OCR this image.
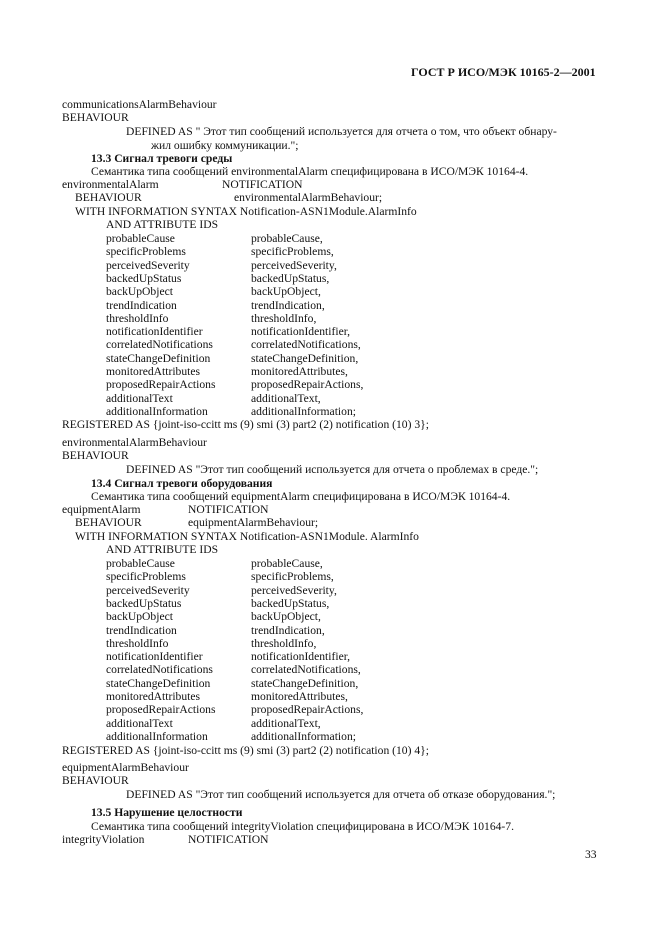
ГОСТ Р ИСО/МЭК 10165-2—2001
communicationsAlarmBehaviour
BEHAVIOUR
DEFINED AS " Этот тип сообщений используется для отчета о том, что объект обнару-
жил ошибку коммуникации.";
13.3 Сигнал тревоги среды
Семантика типа сообщений environmentalAlarm специфицирована в ИСО/МЭК 10164-4.
environmentalAlarm	NOTIFICATION
BEHAVIOUR	environmentalAlarmBehaviour;
WITH INFORMATION SYNTAX Notification-ASN1Module.AlarmInfo
AND ATTRIBUTE IDS
probableCause	probableCause,
specificProblems	specificProblems,
perceivedSeverity	perceivedSeverity,
backedUpStatus	backedUpStatus,
backUpObject	backUpObject,
trendIndication	trendIndication,
thresholdInfo	thresholdInfo,
notificationIdentifier	notificationIdentifier,
correlatedNotifications	correlatedNotifications,
stateChangeDefinition	stateChangeDefinition,
monitoredAttributes	monitoredAttributes,
proposedRepairActions	proposedRepairActions,
additionalText	additionalText,
additionalInformation	additionalInformation;
REGISTERED AS {joint-iso-ccitt ms (9) smi (3) part2 (2) notification (10) 3};
environmentalAlarmBehaviour
BEHAVIOUR
DEFINED AS "Этот тип сообщений используется для отчета о проблемах в среде.";
13.4 Сигнал тревоги оборудования
Семантика типа сообщений equipmentAlarm специфицирована в ИСО/МЭК 10164-4.
equipmentAlarm	NOTIFICATION
BEHAVIOUR	equipmentAlarmBehaviour;
WITH INFORMATION SYNTAX Notification-ASN1Module. AlarmInfo
AND ATTRIBUTE IDS
probableCause	probableCause,
specificProblems	specificProblems,
perceivedSeverity	perceivedSeverity,
backedUpStatus	backedUpStatus,
backUpObject	backUpObject,
trendIndication	trendIndication,
thresholdInfo	thresholdInfo,
notificationIdentifier	notificationIdentifier,
correlatedNotifications	correlatedNotifications,
stateChangeDefinition	stateChangeDefinition,
monitoredAttributes	monitoredAttributes,
proposedRepairActions	proposedRepairActions,
additionalText	additionalText,
additionalInformation	additionalInformation;
REGISTERED AS {joint-iso-ccitt ms (9) smi (3) part2 (2) notification (10) 4};
equipmentAlarmBehaviour
BEHAVIOUR
DEFINED AS "Этот тип сообщений используется для отчета об отказе оборудования.";
13.5 Нарушение целостности
Семантика типа сообщений integrityViolation специфицирована в ИСО/МЭК 10164-7.
integrityViolation	NOTIFICATION
33
